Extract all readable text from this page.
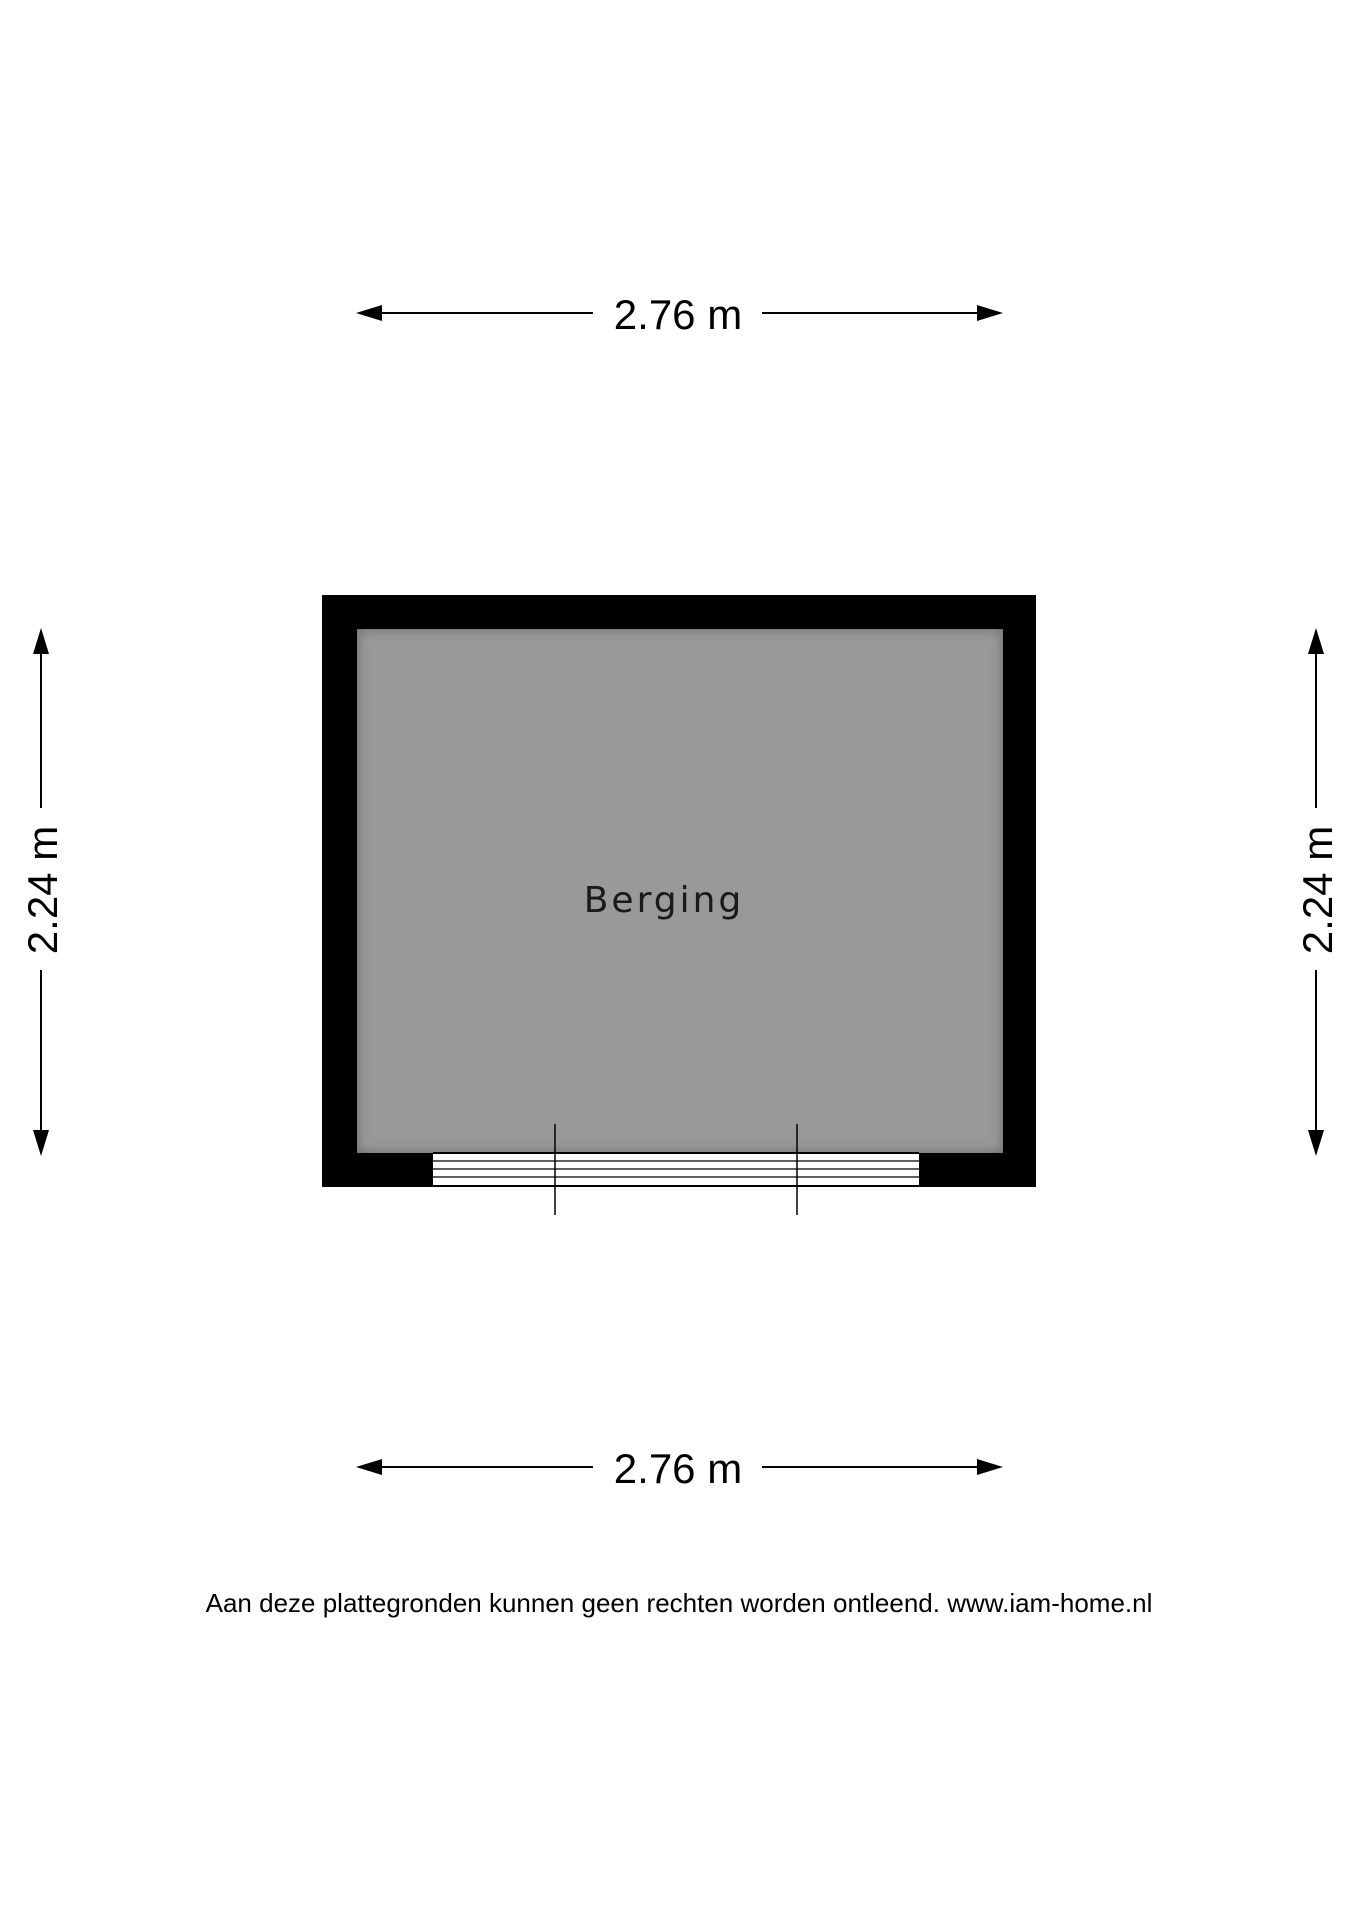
2.76 m
2.76 m
2.24 m	2.24 m
Berging
Aan deze plattegronden kunnen geen rechten worden ontleend. www.iam-home.nl
